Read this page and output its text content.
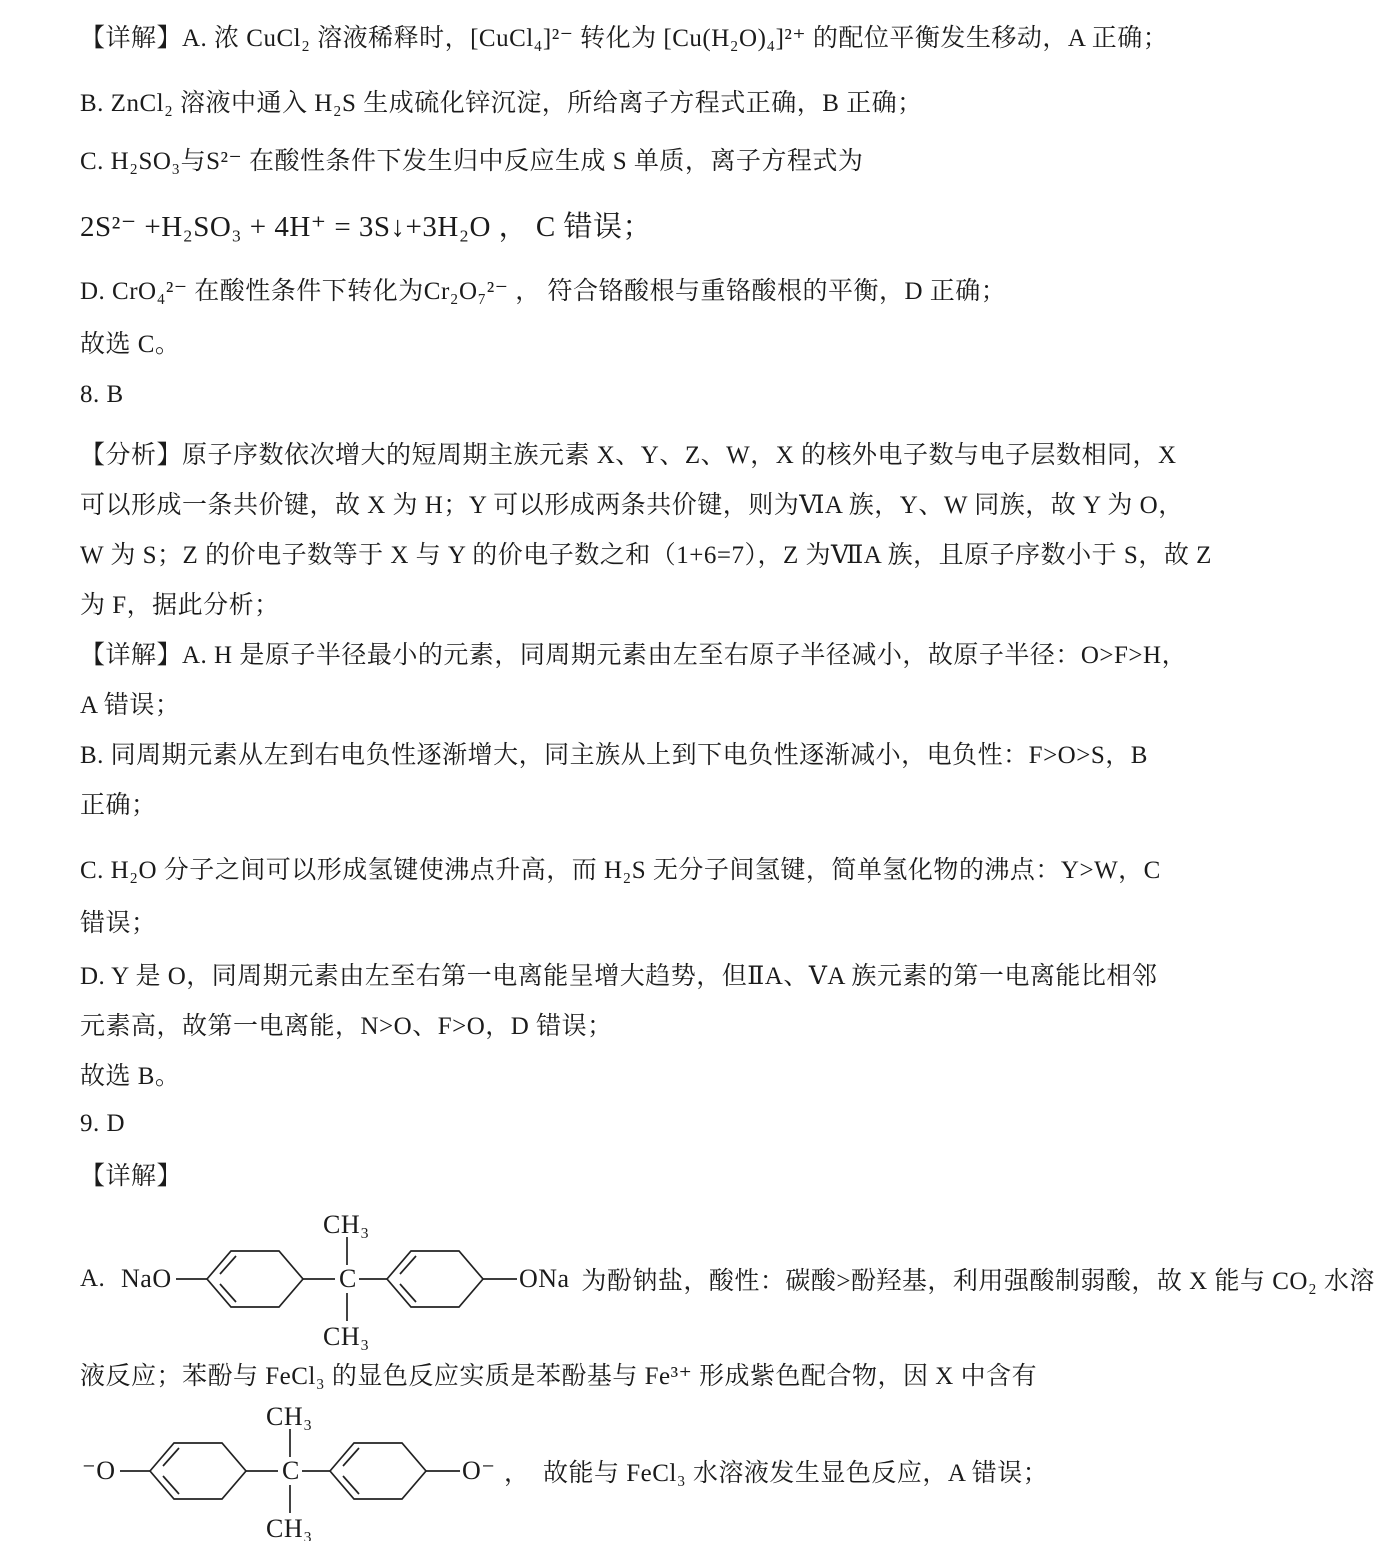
【详解】A. 浓 CuCl₂ 溶液稀释时，[CuCl₄]²⁻ 转化为 [Cu(H₂O)₄]²⁺ 的配位平衡发生移动，A 正确；
B. ZnCl₂ 溶液中通入 H₂S 生成硫化锌沉淀，所给离子方程式正确，B 正确；
C. H₂SO₃与S²⁻ 在酸性条件下发生归中反应生成 S 单质，离子方程式为
2S²⁻ +H₂SO₃ + 4H⁺ = 3S↓+3H₂O ， C 错误；
D. CrO₄²⁻ 在酸性条件下转化为Cr₂O₇²⁻ ， 符合铬酸根与重铬酸根的平衡，D 正确；
故选 C。
8. B
【分析】原子序数依次增大的短周期主族元素 X、Y、Z、W，X 的核外电子数与电子层数相同，X
可以形成一条共价键，故 X 为 H；Y 可以形成两条共价键，则为ⅥA 族，Y、W 同族，故 Y 为 O，
W 为 S；Z 的价电子数等于 X 与 Y 的价电子数之和（1+6=7），Z 为ⅦA 族，且原子序数小于 S，故 Z
为 F，据此分析；
【详解】A. H 是原子半径最小的元素，同周期元素由左至右原子半径减小，故原子半径：O>F>H，
A 错误；
B. 同周期元素从左到右电负性逐渐增大，同主族从上到下电负性逐渐减小，电负性：F>O>S，B
正确；
C. H₂O 分子之间可以形成氢键使沸点升高，而 H₂S 无分子间氢键，简单氢化物的沸点：Y>W，C
错误；
D. Y 是 O，同周期元素由左至右第一电离能呈增大趋势，但ⅡA、ⅤA 族元素的第一电离能比相邻
元素高，故第一电离能，N>O、F>O，D 错误；
故选 B。
9. D
【详解】
A. NaO	C
CH₃
CH₃
ONa 为酚钠盐，酸性：碳酸>酚羟基，利用强酸制弱酸，故 X 能与 CO₂ 水溶
液反应；苯酚与 FeCl₃ 的显色反应实质是苯酚基与 Fe³⁺ 形成紫色配合物，因 X 中含有
⁻O	C
CH₃
CH₃
O⁻ ，  故能与 FeCl₃ 水溶液发生显色反应，A 错误；
